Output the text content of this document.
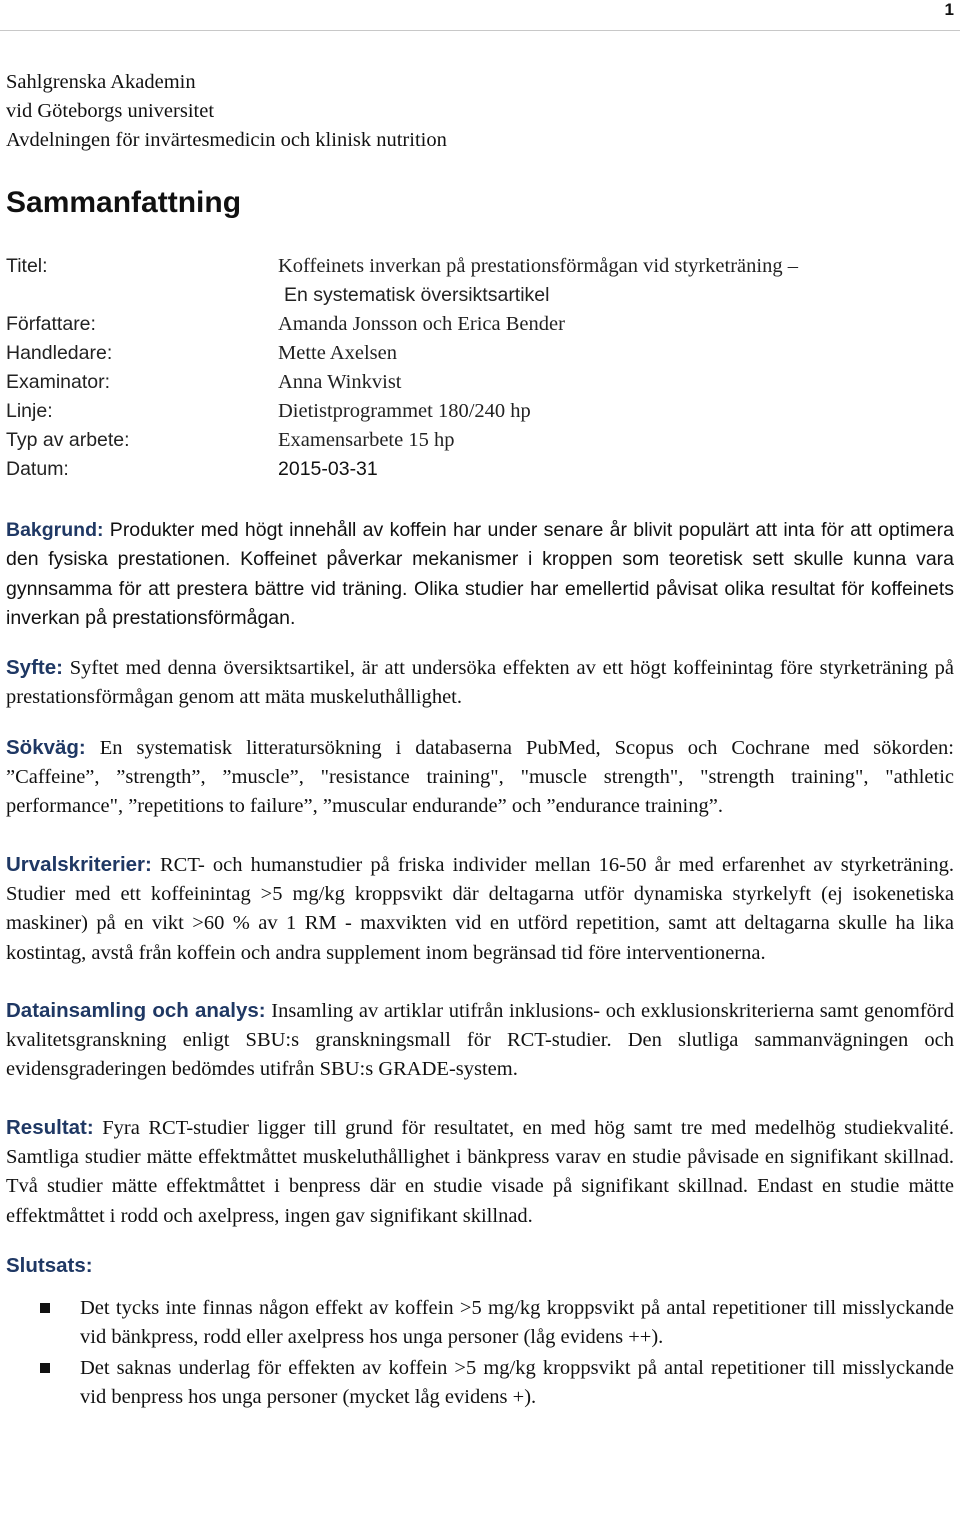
1
Sahlgrenska Akademin
vid Göteborgs universitet
Avdelningen för invärtesmedicin och klinisk nutrition
Sammanfattning
Titel:	Koffeinets inverkan på prestationsförmågan vid styrketräning –
En systematisk översiktsartikel
Författare:	Amanda Jonsson och Erica Bender
Handledare:	Mette Axelsen
Examinator:	Anna Winkvist
Linje:	Dietistprogrammet 180/240 hp
Typ av arbete:	Examensarbete 15 hp
Datum:	2015-03-31

Bakgrund: Produkter med högt innehåll av koffein har under senare år blivit populärt att inta för att optimera den fysiska prestationen. Koffeinet påverkar mekanismer i kroppen som teoretisk sett skulle kunna vara gynnsamma för att prestera bättre vid träning. Olika studier har emellertid påvisat olika resultat för koffeinets inverkan på prestationsförmågan.

Syfte: Syftet med denna översiktsartikel, är att undersöka effekten av ett högt koffeinintag före styrketräning på prestationsförmågan genom att mäta muskeluthållighet.

Sökväg: En systematisk litteratursökning i databaserna PubMed, Scopus och Cochrane med sökorden: ”Caffeine”, ”strength”, ”muscle”, "resistance training", "muscle strength", "strength training", "athletic performance", ”repetitions to failure”, ”muscular endurande” och ”endurance training”.

Urvalskriterier: RCT- och humanstudier på friska individer mellan 16-50 år med erfarenhet av styrketräning. Studier med ett koffeinintag >5 mg/kg kroppsvikt där deltagarna utför dynamiska styrkelyft (ej isokenetiska maskiner) på en vikt >60 % av 1 RM - maxvikten vid en utförd repetition, samt att deltagarna skulle ha lika kostintag, avstå från koffein och andra supplement inom begränsad tid före interventionerna.

Datainsamling och analys: Insamling av artiklar utifrån inklusions- och exklusionskriterierna samt genomförd kvalitetsgranskning enligt SBU:s granskningsmall för RCT-studier. Den slutliga sammanvägningen och evidensgraderingen bedömdes utifrån SBU:s GRADE-system.

Resultat: Fyra RCT-studier ligger till grund för resultatet, en med hög samt tre med medelhög studiekvalité. Samtliga studier mätte effektmåttet muskeluthållighet i bänkpress varav en studie påvisade en signifikant skillnad. Två studier mätte effektmåttet i benpress där en studie visade på signifikant skillnad. Endast en studie mätte effektmåttet i rodd och axelpress, ingen gav signifikant skillnad.

Slutsats:
Det tycks inte finnas någon effekt av koffein >5 mg/kg kroppsvikt på antal repetitioner till misslyckande vid bänkpress, rodd eller axelpress hos unga personer (låg evidens ++).
Det saknas underlag för effekten av koffein >5 mg/kg kroppsvikt på antal repetitioner till misslyckande vid benpress hos unga personer (mycket låg evidens +).
